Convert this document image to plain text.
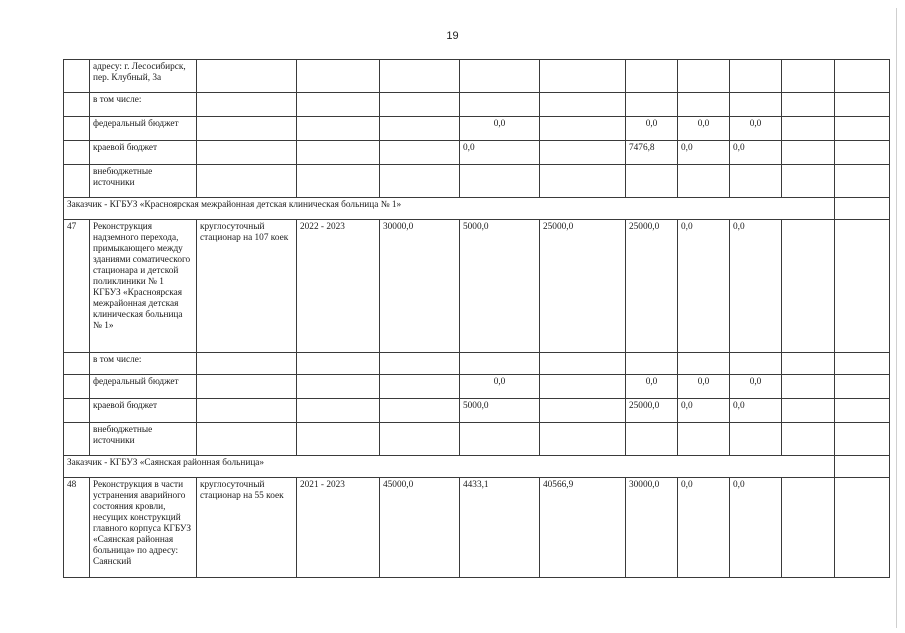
19
	адресу: г. Лесосибирск, пер. Клубный, 3а										
	в том числе:										
	федеральный бюджет				0,0		0,0	0,0	0,0		
	краевой бюджет				0,0		7476,8	0,0	0,0		
	внебюджетные источники										
Заказчик - КГБУЗ «Красноярская межрайонная детская клиническая больница № 1»											
47	Реконструкция надземного перехода, примыкающего между зданиями соматического стационара и детской поликлиники № 1 КГБУЗ «Красноярская межрайонная детская клиническая больница № 1»	круглосуточный стационар на 107 коек	2022 - 2023	30000,0	5000,0	25000,0	25000,0	0,0	0,0		
	в том числе:										
	федеральный бюджет				0,0		0,0	0,0	0,0		
	краевой бюджет				5000,0		25000,0	0,0	0,0		
	внебюджетные источники										
Заказчик - КГБУЗ «Саянская районная больница»											
48	Реконструкция в части устранения аварийного состояния кровли, несущих конструкций главного корпуса КГБУЗ «Саянская районная больница» по адресу: Саянский	круглосуточный стационар на 55 коек	2021 - 2023	45000,0	4433,1	40566,9	30000,0	0,0	0,0		
